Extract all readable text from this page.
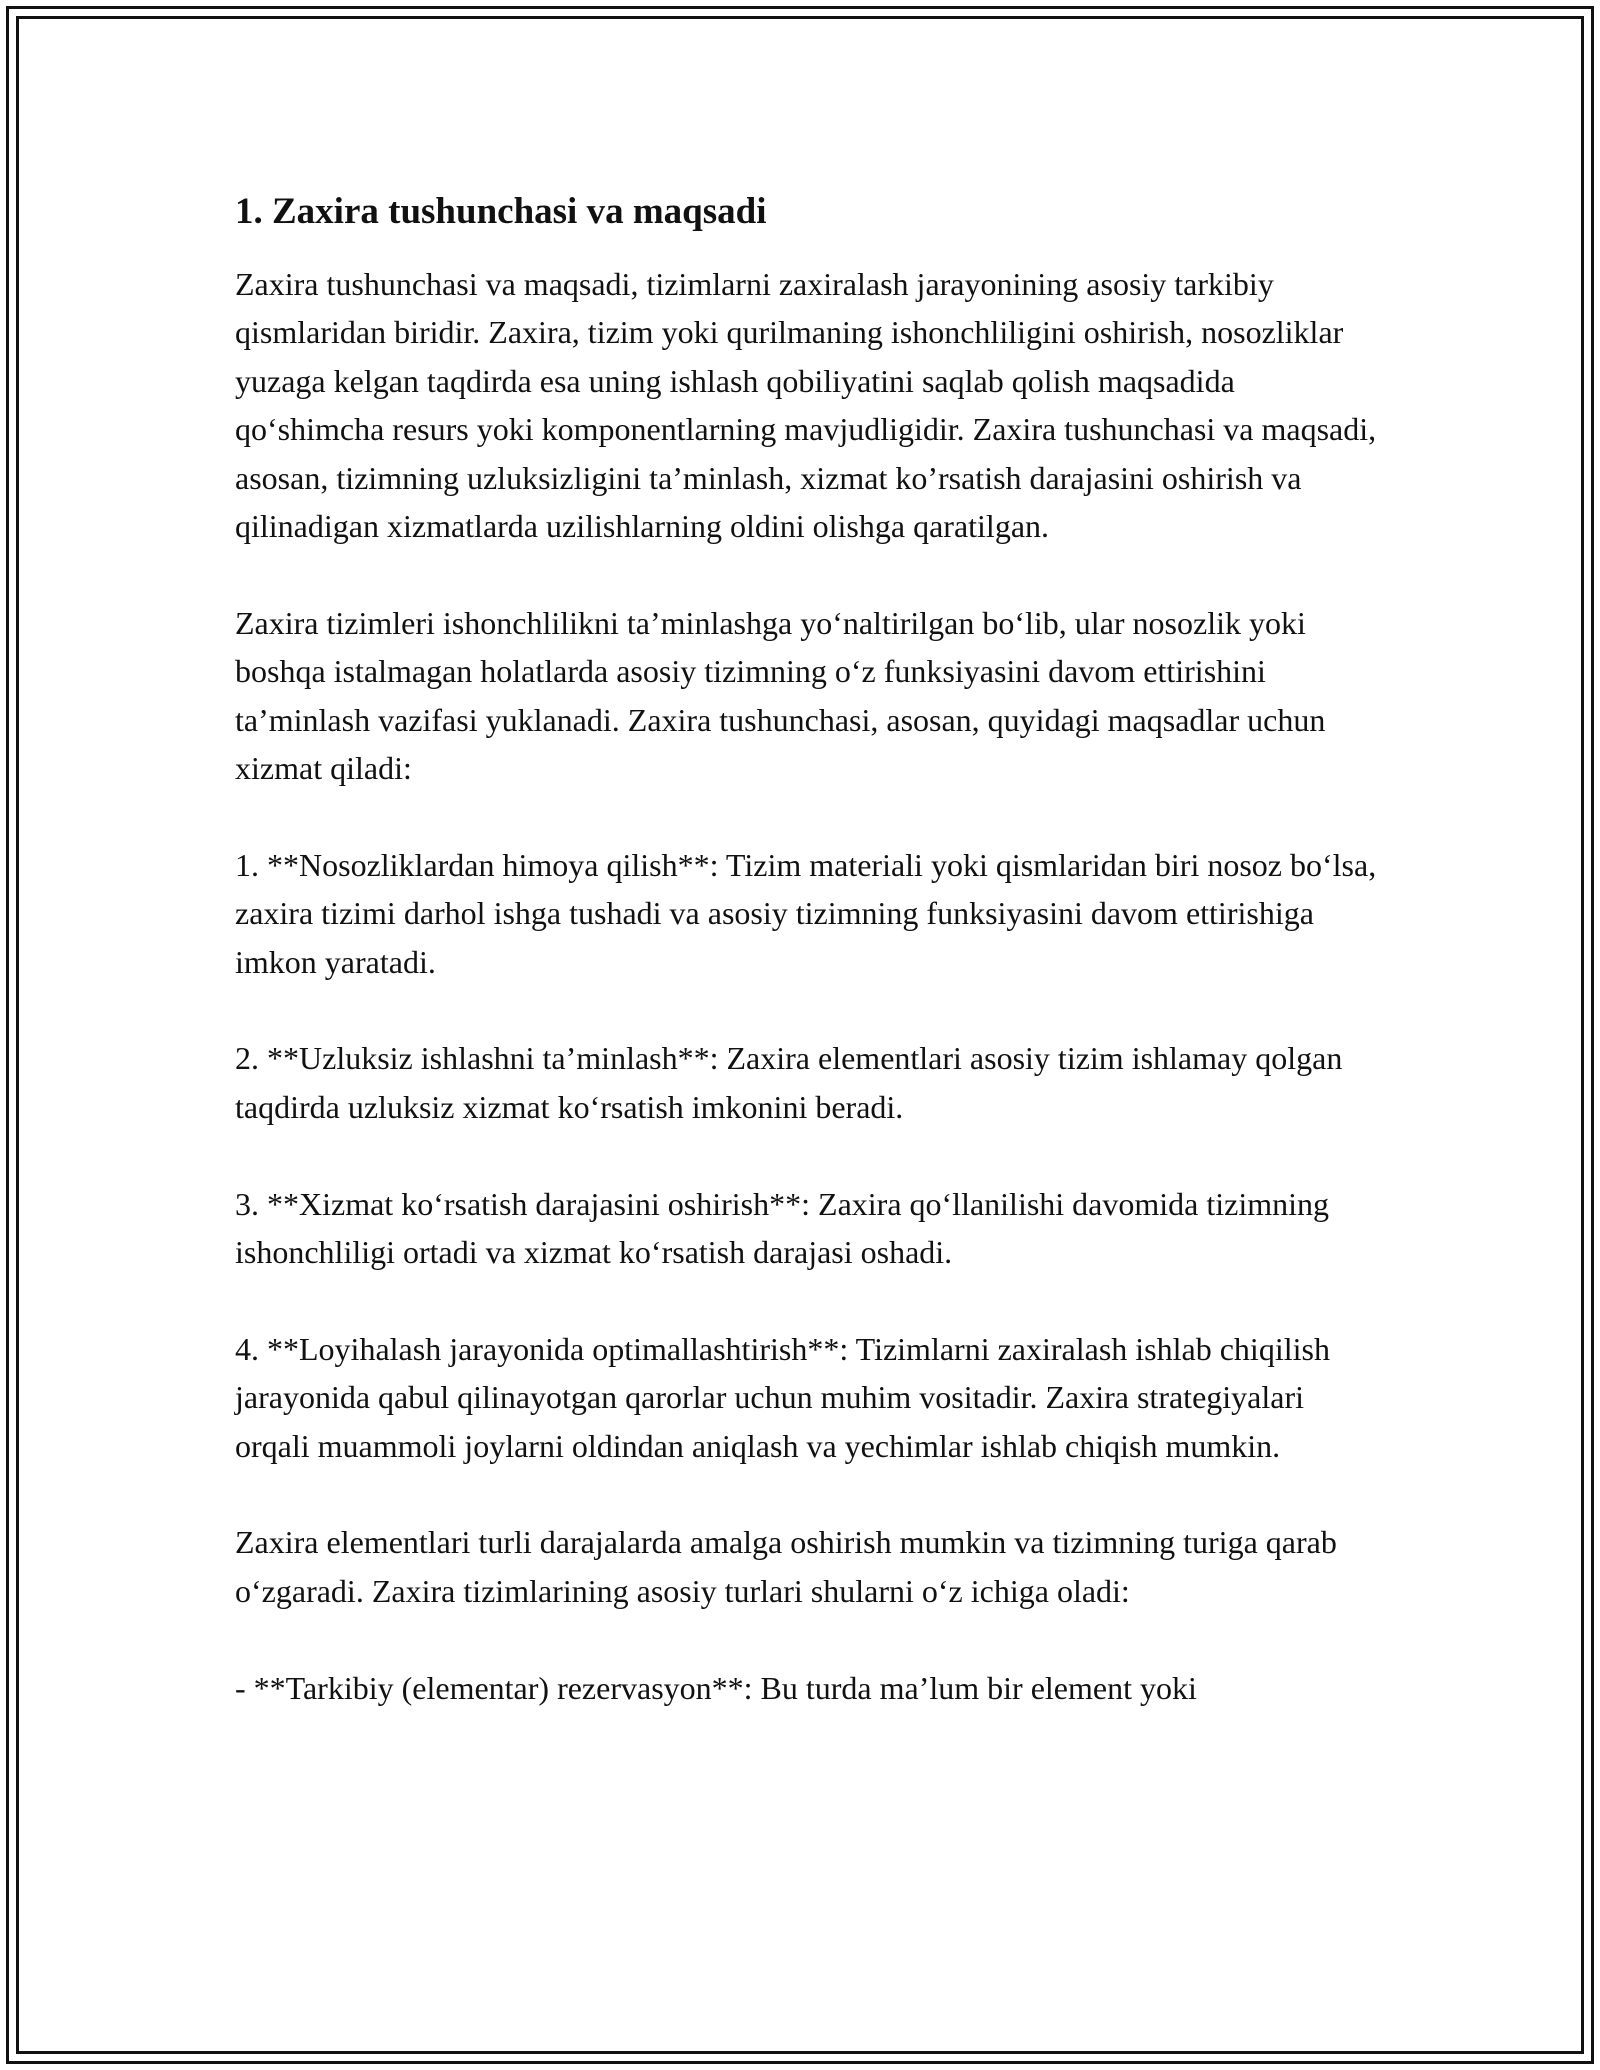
1. Zaxira tushunchasi va maqsadi

Zaxira tushunchasi va maqsadi, tizimlarni zaxiralash jarayonining asosiy tarkibiy qismlaridan biridir. Zaxira, tizim yoki qurilmaning ishonchliligini oshirish, nosozliklar yuzaga kelgan taqdirda esa uning ishlash qobiliyatini saqlab qolish maqsadida qo‘shimcha resurs yoki komponentlarning mavjudligidir. Zaxira tushunchasi va maqsadi, asosan, tizimning uzluksizligini ta’minlash, xizmat ko’rsatish darajasini oshirish va qilinadigan xizmatlarda uzilishlarning oldini olishga qaratilgan.

Zaxira tizimleri ishonchlilikni ta’minlashga yo‘naltirilgan bo‘lib, ular nosozlik yoki boshqa istalmagan holatlarda asosiy tizimning o‘z funksiyasini davom ettirishini ta’minlash vazifasi yuklanadi. Zaxira tushunchasi, asosan, quyidagi maqsadlar uchun xizmat qiladi:

1. **Nosozliklardan himoya qilish**: Tizim materiali yoki qismlaridan biri nosoz bo‘lsa, zaxira tizimi darhol ishga tushadi va asosiy tizimning funksiyasini davom ettirishiga imkon yaratadi.

2. **Uzluksiz ishlashni ta’minlash**: Zaxira elementlari asosiy tizim ishlamay qolgan taqdirda uzluksiz xizmat ko‘rsatish imkonini beradi.

3. **Xizmat ko‘rsatish darajasini oshirish**: Zaxira qo‘llanilishi davomida tizimning ishonchliligi ortadi va xizmat ko‘rsatish darajasi oshadi.

4. **Loyihalash jarayonida optimallashtirish**: Tizimlarni zaxiralash ishlab chiqilish jarayonida qabul qilinayotgan qarorlar uchun muhim vositadir. Zaxira strategiyalari orqali muammoli joylarni oldindan aniqlash va yechimlar ishlab chiqish mumkin.

Zaxira elementlari turli darajalarda amalga oshirish mumkin va tizimning turiga qarab o‘zgaradi. Zaxira tizimlarining asosiy turlari shularni o‘z ichiga oladi:

- **Tarkibiy (elementar) rezervasyon**: Bu turda ma’lum bir element yoki
